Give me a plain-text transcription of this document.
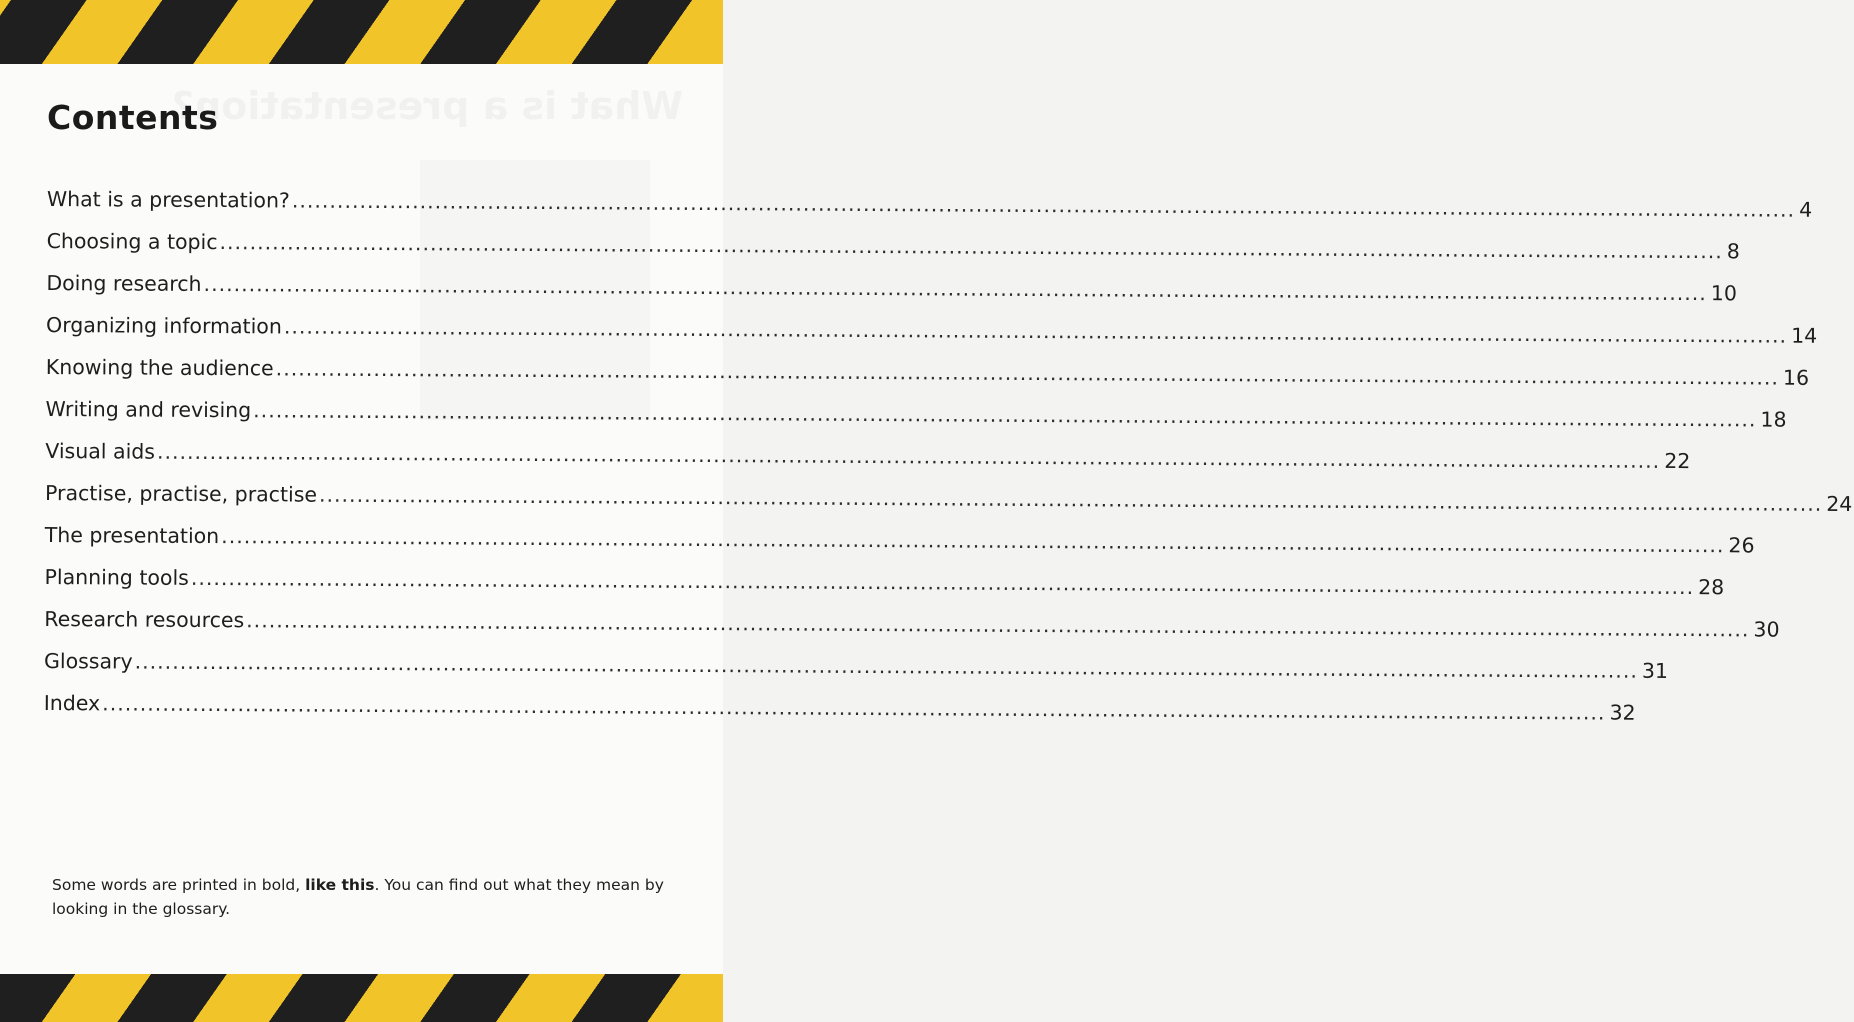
Contents
What is a presentation? ........................................................................................................................................................................................................ 4
Choosing a topic ........................................................................................................................................................................................................ 8
Doing research ........................................................................................................................................................................................................ 10
Organizing information ........................................................................................................................................................................................................ 14
Knowing the audience ........................................................................................................................................................................................................ 16
Writing and revising ........................................................................................................................................................................................................ 18
Visual aids ........................................................................................................................................................................................................ 22
Practise, practise, practise ........................................................................................................................................................................................................ 24
The presentation ........................................................................................................................................................................................................ 26
Planning tools ........................................................................................................................................................................................................ 28
Research resources ........................................................................................................................................................................................................ 30
Glossary ........................................................................................................................................................................................................ 31
Index ........................................................................................................................................................................................................ 32

Some words are printed in bold, like this. You can find out what they mean by looking in the glossary.
